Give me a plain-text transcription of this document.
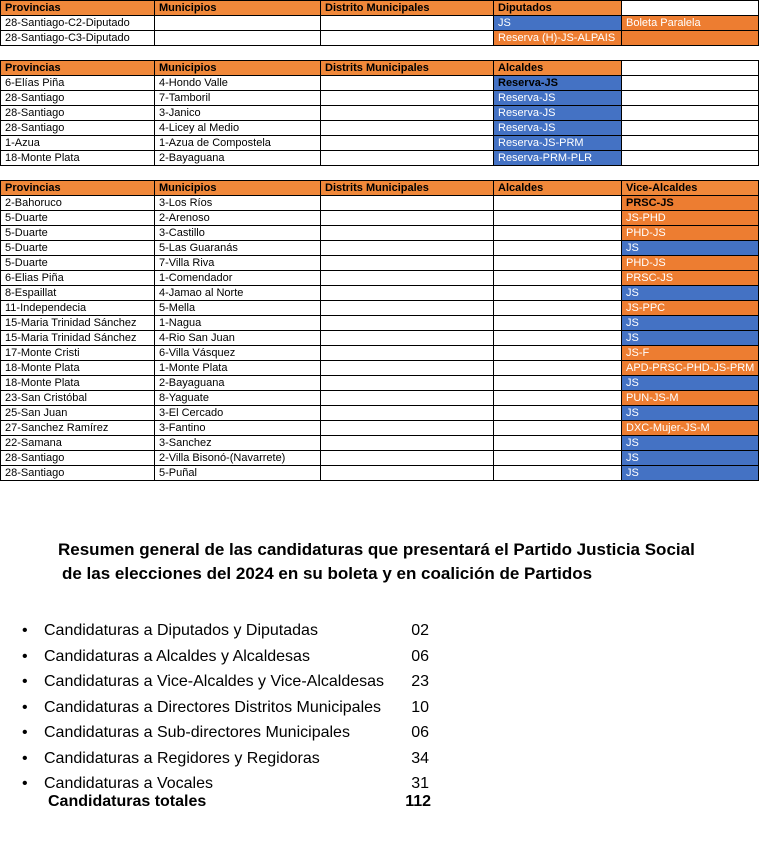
Provincias	Municipios	Distrito Municipales	Diputados	
28-Santiago-C2-Diputado			JS	Boleta Paralela
28-Santiago-C3-Diputado			Reserva (H)-JS-ALPAIS	

Provincias	Municipios	Distrits Municipales	Alcaldes	
6-Elías Piña	4-Hondo Valle		Reserva-JS	
28-Santiago	7-Tamboril		Reserva-JS	
28-Santiago	3-Janico		Reserva-JS	
28-Santiago	4-Licey al Medio		Reserva-JS	
1-Azua	1-Azua de Compostela		Reserva-JS-PRM	
18-Monte Plata	2-Bayaguana		Reserva-PRM-PLR	

Provincias	Municipios	Distrits Municipales	Alcaldes	Vice-Alcaldes
2-Bahoruco	3-Los Ríos			PRSC-JS
5-Duarte	2-Arenoso			JS-PHD
5-Duarte	3-Castillo			PHD-JS
5-Duarte	5-Las Guaranás			JS
5-Duarte	7-Villa Riva			PHD-JS
6-Elias Piña	1-Comendador			PRSC-JS
8-Espaillat	4-Jamao al Norte			JS
11-Independecia	5-Mella			JS-PPC
15-Maria Trinidad Sánchez	1-Nagua			JS
15-Maria Trinidad Sánchez	4-Rio San Juan			JS
17-Monte Cristi	6-Villa Vásquez			JS-F
18-Monte Plata	1-Monte Plata			APD-PRSC-PHD-JS-PRM
18-Monte Plata	2-Bayaguana			JS
23-San Cristóbal	8-Yaguate			PUN-JS-M
25-San Juan	3-El Cercado			JS
27-Sanchez Ramírez	3-Fantino			DXC-Mujer-JS-M
22-Samana	3-Sanchez			JS
28-Santiago	2-Villa Bisonó-(Navarrete)			JS
28-Santiago	5-Puñal			JS
Resumen general de las candidaturas que presentará el Partido Justicia Social
de las elecciones del 2024 en su boleta y en coalición de Partidos
• Candidaturas a Diputados y Diputadas	02
• Candidaturas a Alcaldes y Alcaldesas	06
• Candidaturas a Vice-Alcaldes y Vice-Alcaldesas	23
• Candidaturas a Directores Distritos Municipales	10
• Candidaturas a Sub-directores Municipales	06
• Candidaturas a Regidores y Regidoras	34
• Candidaturas a Vocales	31
Candidaturas totales	112
